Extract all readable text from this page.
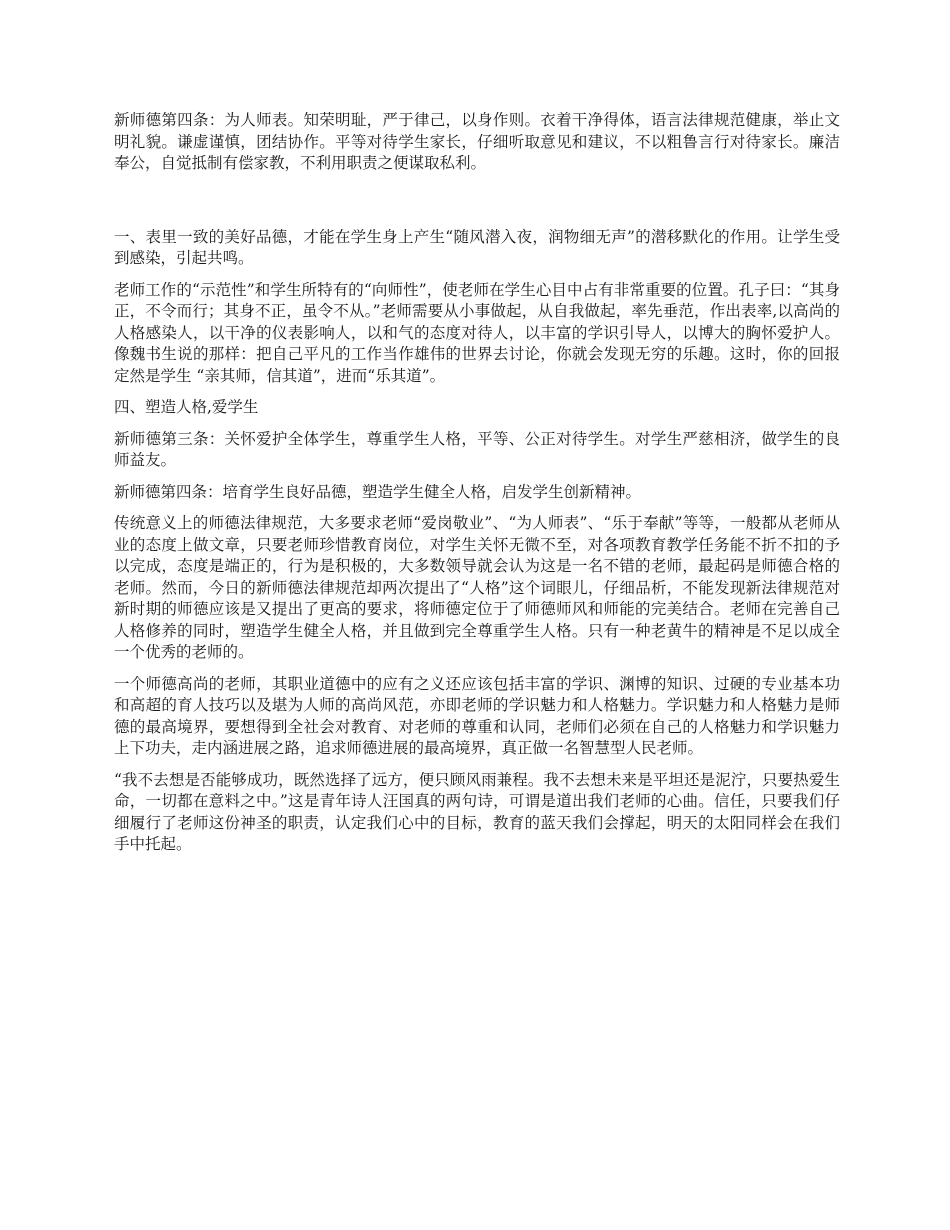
新师德第四条：为人师表。知荣明耻，严于律己，以身作则。衣着干净得体，语言法律规范健康，举止文明礼貌。谦虚谨慎，团结协作。平等对待学生家长，仔细听取意见和建议，不以粗鲁言行对待家长。廉洁奉公，自觉抵制有偿家教，不利用职责之便谋取私利。

一、表里一致的美好品德，才能在学生身上产生“随风潜入夜，润物细无声”的潜移默化的作用。让学生受到感染，引起共鸣。

老师工作的“示范性”和学生所特有的“向师性”，使老师在学生心目中占有非常重要的位置。孔子曰：“其身正，不令而行；其身不正，虽令不从。”老师需要从小事做起，从自我做起，率先垂范，作出表率,以高尚的人格感染人，以干净的仪表影响人，以和气的态度对待人，以丰富的学识引导人，以博大的胸怀爱护人。像魏书生说的那样：把自己平凡的工作当作雄伟的世界去讨论，你就会发现无穷的乐趣。这时，你的回报定然是学生 “亲其师，信其道”，进而“乐其道”。

四、塑造人格,爱学生

新师德第三条：关怀爱护全体学生，尊重学生人格，平等、公正对待学生。对学生严慈相济，做学生的良师益友。

新师德第四条：培育学生良好品德，塑造学生健全人格，启发学生创新精神。

传统意义上的师德法律规范，大多要求老师“爱岗敬业”、“为人师表”、“乐于奉献”等等，一般都从老师从业的态度上做文章，只要老师珍惜教育岗位，对学生关怀无微不至，对各项教育教学任务能不折不扣的予以完成，态度是端正的，行为是积极的，大多数领导就会认为这是一名不错的老师，最起码是师德合格的老师。然而，今日的新师德法律规范却两次提出了“人格”这个词眼儿，仔细品析，不能发现新法律规范对新时期的师德应该是又提出了更高的要求，将师德定位于了师德师风和师能的完美结合。老师在完善自己人格修养的同时，塑造学生健全人格，并且做到完全尊重学生人格。只有一种老黄牛的精神是不足以成全一个优秀的老师的。

一个师德高尚的老师，其职业道德中的应有之义还应该包括丰富的学识、渊博的知识、过硬的专业基本功和高超的育人技巧以及堪为人师的高尚风范，亦即老师的学识魅力和人格魅力。学识魅力和人格魅力是师德的最高境界，要想得到全社会对教育、对老师的尊重和认同，老师们必须在自己的人格魅力和学识魅力上下功夫，走内涵进展之路，追求师德进展的最高境界，真正做一名智慧型人民老师。

“我不去想是否能够成功，既然选择了远方，便只顾风雨兼程。我不去想未来是平坦还是泥泞，只要热爱生命，一切都在意料之中。”这是青年诗人汪国真的两句诗，可谓是道出我们老师的心曲。信任，只要我们仔细履行了老师这份神圣的职责，认定我们心中的目标，教育的蓝天我们会撑起，明天的太阳同样会在我们手中托起。
